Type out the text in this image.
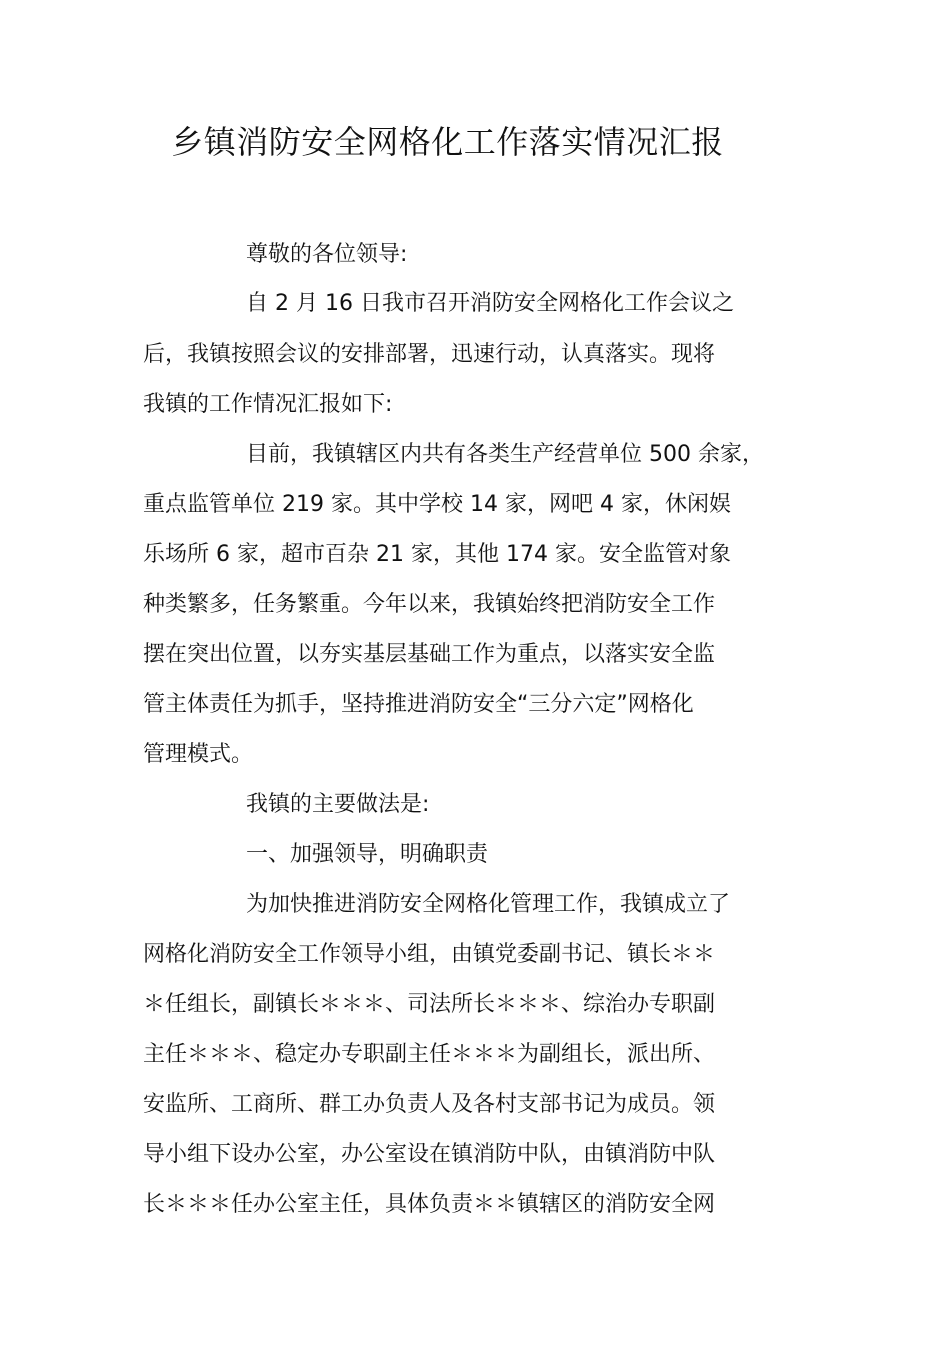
乡镇消防安全网格化工作落实情况汇报
尊敬的各位领导:
自 2 月 16 日我市召开消防安全网格化工作会议之
后，我镇按照会议的安排部署，迅速行动，认真落实。现将
我镇的工作情况汇报如下:
目前，我镇辖区内共有各类生产经营单位 500 余家，
重点监管单位 219 家。其中学校 14 家，网吧 4 家，休闲娱
乐场所 6 家，超市百杂 21 家，其他 174 家。安全监管对象
种类繁多，任务繁重。今年以来，我镇始终把消防安全工作
摆在突出位置，以夯实基层基础工作为重点，以落实安全监
管主体责任为抓手，坚持推进消防安全“三分六定”网格化
管理模式。
我镇的主要做法是:
一、加强领导，明确职责
为加快推进消防安全网格化管理工作，我镇成立了
网格化消防安全工作领导小组，由镇党委副书记、镇长＊＊
＊任组长，副镇长＊＊＊、司法所长＊＊＊、综治办专职副
主任＊＊＊、稳定办专职副主任＊＊＊为副组长，派出所、
安监所、工商所、群工办负责人及各村支部书记为成员。领
导小组下设办公室，办公室设在镇消防中队，由镇消防中队
长＊＊＊任办公室主任，具体负责＊＊镇辖区的消防安全网
